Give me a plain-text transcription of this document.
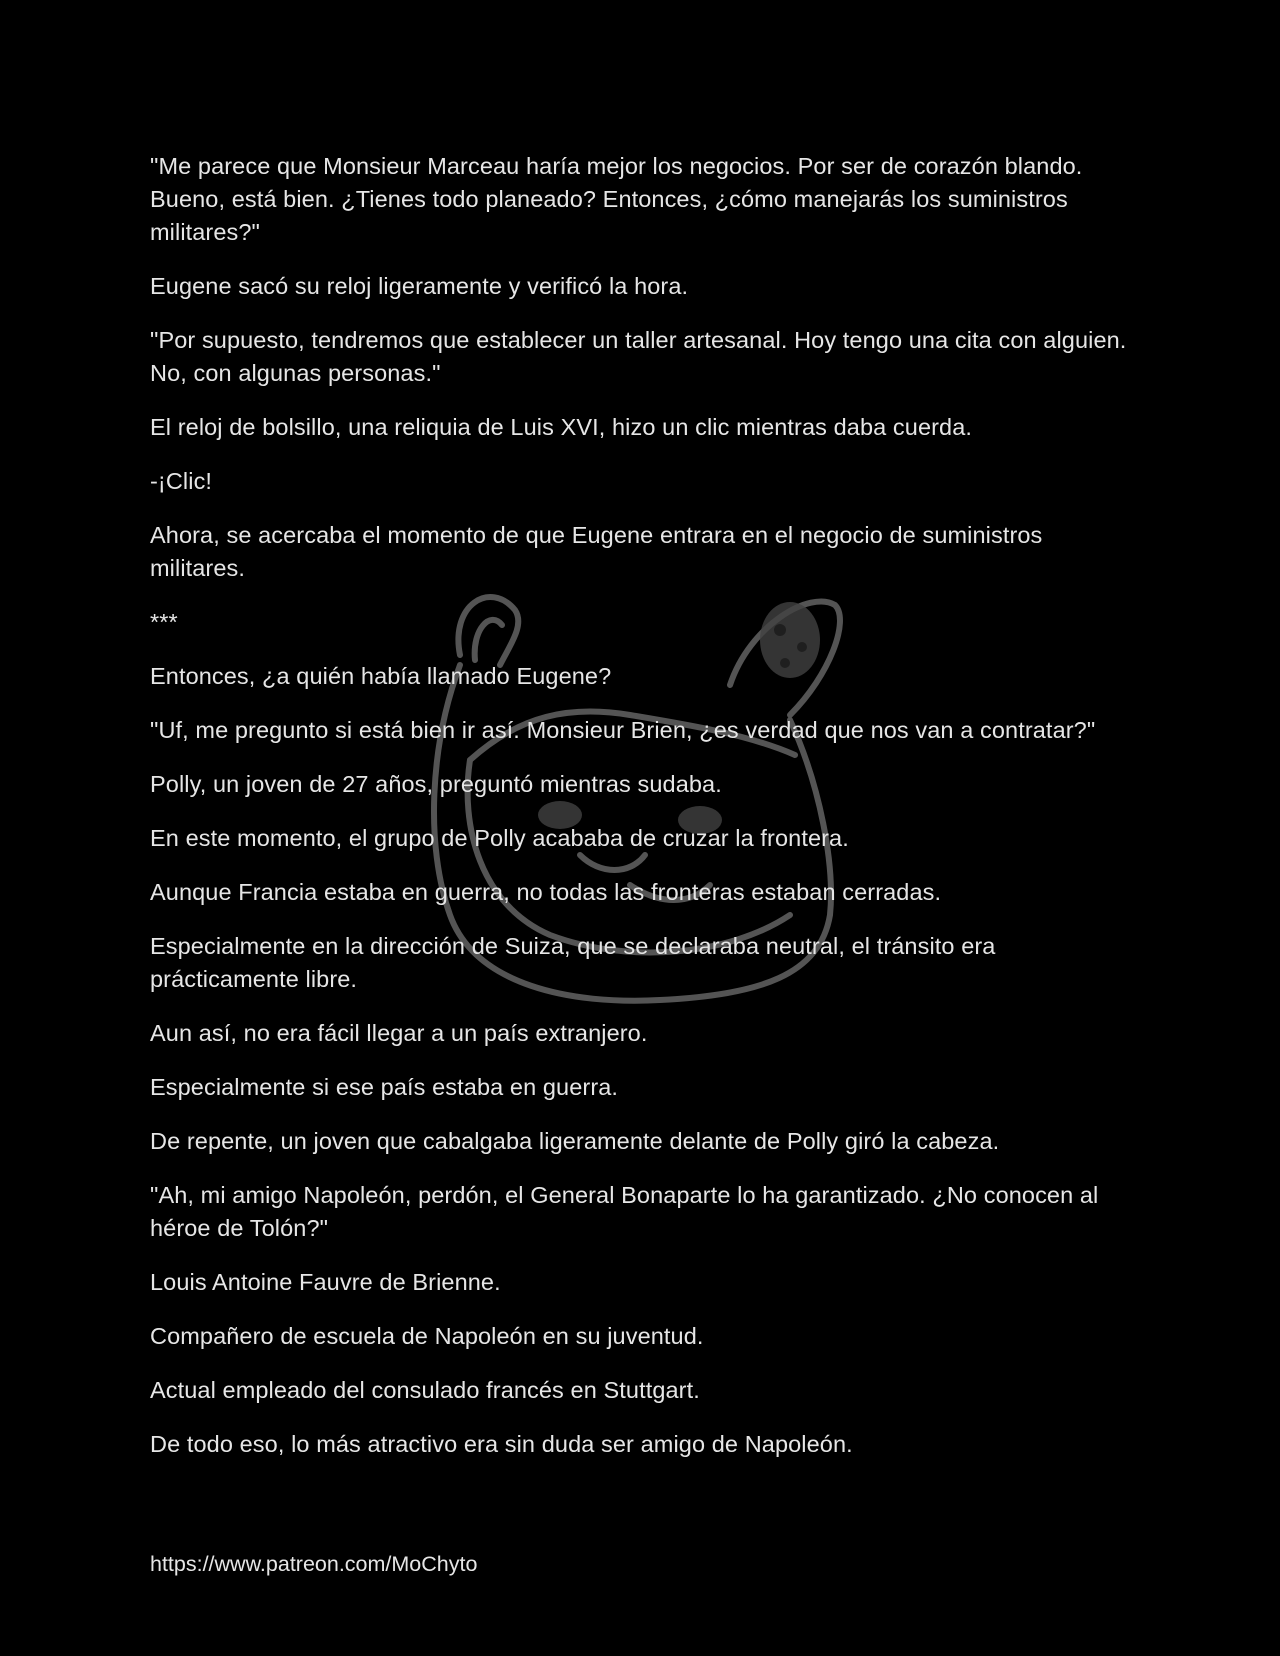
"Me parece que Monsieur Marceau haría mejor los negocios. Por ser de corazón blando. Bueno, está bien. ¿Tienes todo planeado? Entonces, ¿cómo manejarás los suministros militares?"

Eugene sacó su reloj ligeramente y verificó la hora.

"Por supuesto, tendremos que establecer un taller artesanal. Hoy tengo una cita con alguien. No, con algunas personas."

El reloj de bolsillo, una reliquia de Luis XVI, hizo un clic mientras daba cuerda.

-¡Clic!

Ahora, se acercaba el momento de que Eugene entrara en el negocio de suministros militares.

***

Entonces, ¿a quién había llamado Eugene?

"Uf, me pregunto si está bien ir así. Monsieur Brien, ¿es verdad que nos van a contratar?"

Polly, un joven de 27 años, preguntó mientras sudaba.

En este momento, el grupo de Polly acababa de cruzar la frontera.

Aunque Francia estaba en guerra, no todas las fronteras estaban cerradas.

Especialmente en la dirección de Suiza, que se declaraba neutral, el tránsito era prácticamente libre.

Aun así, no era fácil llegar a un país extranjero.

Especialmente si ese país estaba en guerra.

De repente, un joven que cabalgaba ligeramente delante de Polly giró la cabeza.

"Ah, mi amigo Napoleón, perdón, el General Bonaparte lo ha garantizado. ¿No conocen al héroe de Tolón?"

Louis Antoine Fauvre de Brienne.

Compañero de escuela de Napoleón en su juventud.

Actual empleado del consulado francés en Stuttgart.

De todo eso, lo más atractivo era sin duda ser amigo de Napoleón.

https://www.patreon.com/MoChyto
